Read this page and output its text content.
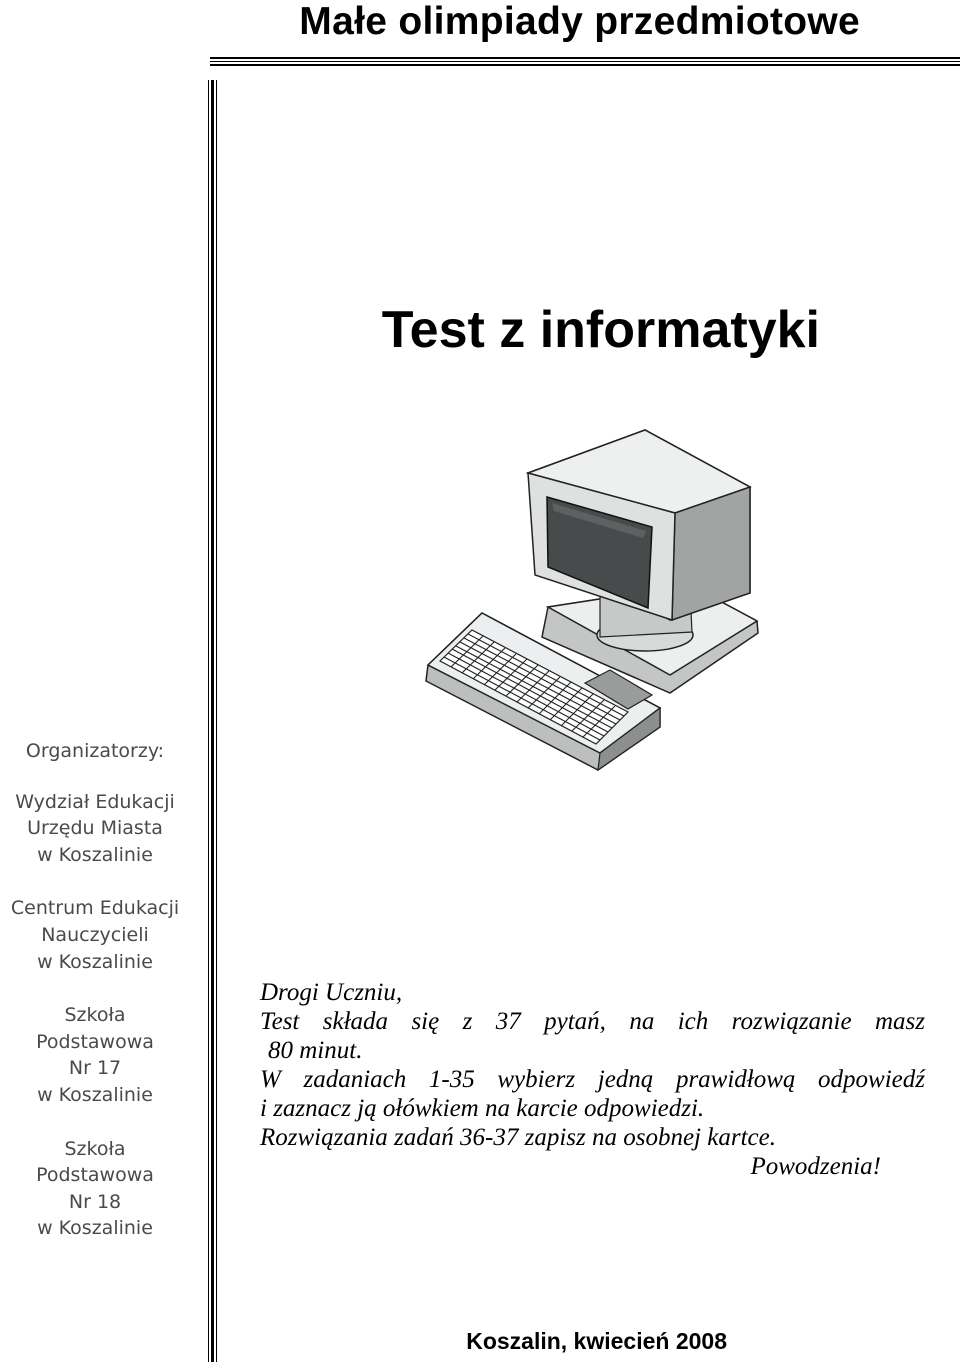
Małe olimpiady przedmiotowe
Test z informatyki
Organizatorzy:
Wydział Edukacji
Urzędu Miasta
w Koszalinie
Centrum Edukacji
Nauczycieli
w Koszalinie
Szkoła
Podstawowa
Nr 17
w Koszalinie
Szkoła
Podstawowa
Nr 18
w Koszalinie

Drogi Uczniu,

Test składa się z 37 pytań, na ich rozwiązanie masz

80 minut.

W zadaniach 1-35 wybierz jedną prawidłową odpowiedź

i zaznacz ją ołówkiem na karcie odpowiedzi.

Rozwiązania zadań 36-37 zapisz na osobnej kartce.

Powodzenia!

Koszalin, kwiecień 2008
